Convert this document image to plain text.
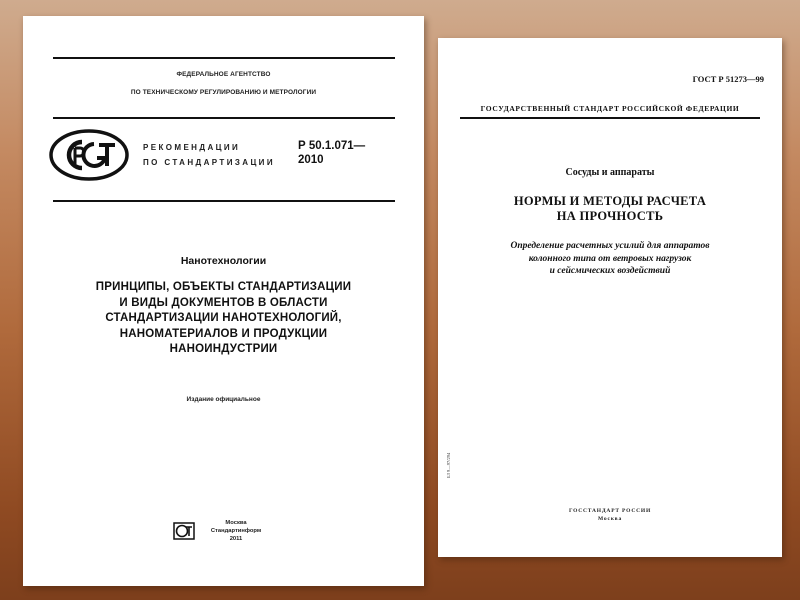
ФЕДЕРАЛЬНОЕ АГЕНТСТВО
ПО ТЕХНИЧЕСКОМУ РЕГУЛИРОВАНИЮ И МЕТРОЛОГИИ
РЕКОМЕНДАЦИИ
ПО СТАНДАРТИЗАЦИИ
Р 50.1.071—
2010
Нанотехнологии
ПРИНЦИПЫ, ОБЪЕКТЫ СТАНДАРТИЗАЦИИ
И ВИДЫ ДОКУМЕНТОВ В ОБЛАСТИ
СТАНДАРТИЗАЦИИ НАНОТЕХНОЛОГИЙ,
НАНОМАТЕРИАЛОВ И ПРОДУКЦИИ
НАНОИНДУСТРИИ
Издание официальное
Москва
Стандартинформ
2011
ГОСТ Р 51273—99
ГОСУДАРСТВЕННЫЙ СТАНДАРТ РОССИЙСКОЙ ФЕДЕРАЦИИ
Сосуды и аппараты
НОРМЫ И МЕТОДЫ РАСЧЕТА
НА ПРОЧНОСТЬ
Определение расчетных усилий для аппаратов
колонного типа от ветровых нагрузок
и сейсмических воздействий
БЗ 9—97/294
ГОССТАНДАРТ РОССИИ
Москва
